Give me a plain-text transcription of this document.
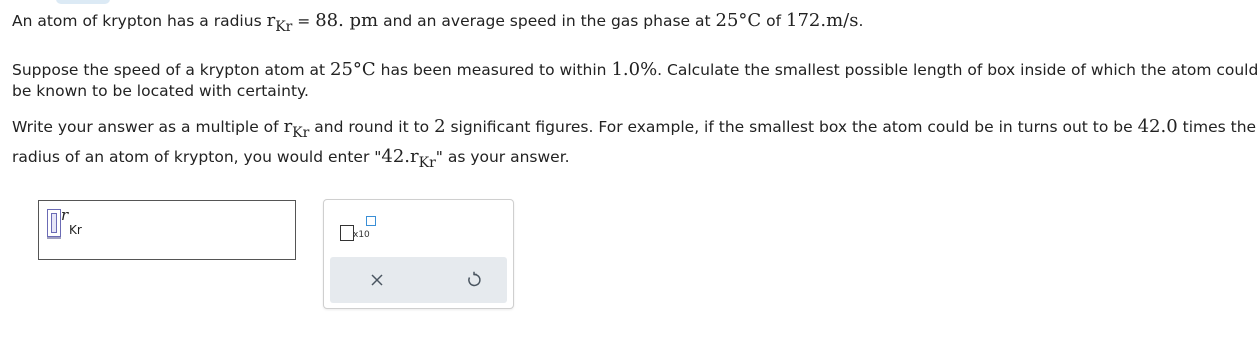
An atom of krypton has a radius rKr = 88. pm and an average speed in the gas phase at 25°C of 172.m/s.

Suppose the speed of a krypton atom at 25°C has been measured to within 1.0%. Calculate the smallest possible length of box inside of which the atom could

be known to be located with certainty.

Write your answer as a multiple of rKr and round it to 2 significant figures. For example, if the smallest box the atom could be in turns out to be 42.0 times the

radius of an atom of krypton, you would enter "42.rKr" as your answer.

r
Kr	x10
